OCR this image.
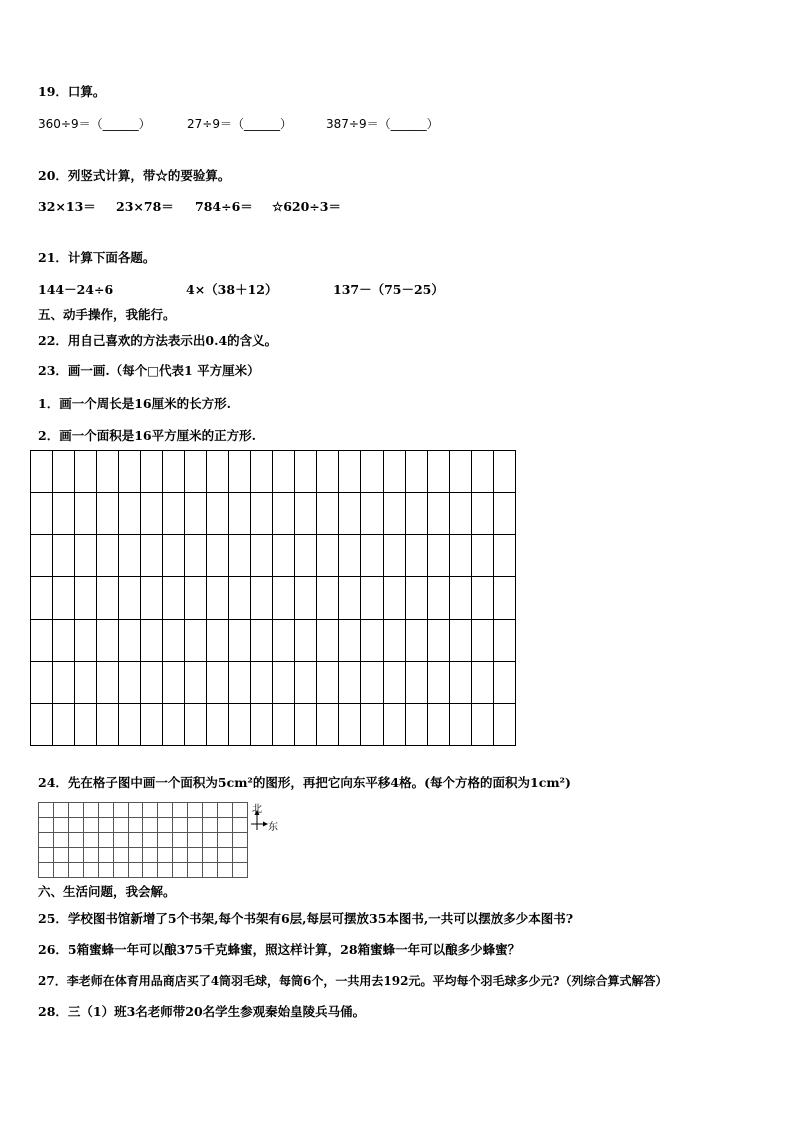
19．口算。
360÷9＝（______）	27÷9＝（______）	387÷9＝（______）
20．列竖式计算，带☆的要验算。
32×13＝ 23×78＝ 784÷6＝ ☆620÷3＝
21．计算下面各题。
144－24÷6	4×（38＋12）	137－（75－25）
五、动手操作，我能行。
22．用自己喜欢的方法表示出0.4的含义。
23．画一画.（每个□代表1 平方厘米）
1．画一个周长是16厘米的长方形.
2．画一个面积是16平方厘米的正方形.

24．先在格子图中画一个面积为5cm²的图形，再把它向东平移4格。(每个方格的面积为1cm²)

北
东
六、生活问题，我会解。
25．学校图书馆新增了5个书架,每个书架有6层,每层可摆放35本图书,一共可以摆放多少本图书?
26．5箱蜜蜂一年可以酿375千克蜂蜜，照这样计算，28箱蜜蜂一年可以酿多少蜂蜜？
27．李老师在体育用品商店买了4筒羽毛球，每筒6个，一共用去192元。平均每个羽毛球多少元?（列综合算式解答）
28．三（1）班3名老师带20名学生参观秦始皇陵兵马俑。
